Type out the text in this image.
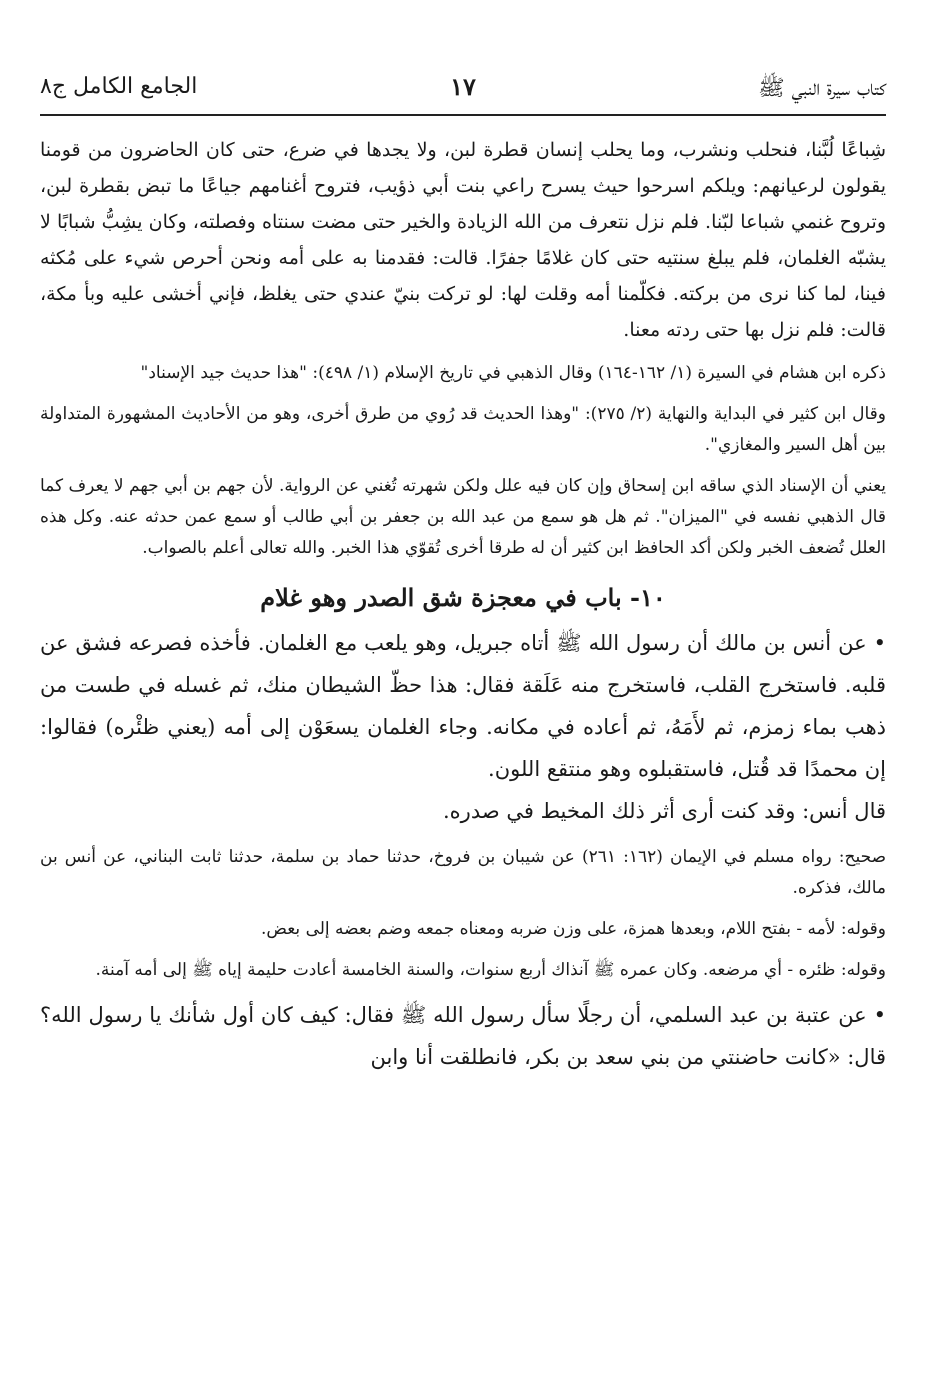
كتاب سيرة النبي ﷺ
١٧
الجامع الكامل ج٨

شِباعًا لُبَّنا، فنحلب ونشرب، وما يحلب إنسان قطرة لبن، ولا يجدها في ضرع، حتى كان الحاضرون من قومنا يقولون لرعيانهم: ويلكم اسرحوا حيث يسرح راعي بنت أبي ذؤيب، فتروح أغنامهم جياعًا ما تبض بقطرة لبن، وتروح غنمي شباعا لبّنا. فلم نزل نتعرف من الله الزيادة والخير حتى مضت سنتاه وفصلته، وكان يشِبُّ شبابًا لا يشبّه الغلمان، فلم يبلغ سنتيه حتى كان غلامًا جفرًا. قالت: فقدمنا به على أمه ونحن أحرص شيء على مُكثه فينا، لما كنا نرى من بركته. فكلّمنا أمه وقلت لها: لو تركت بنيّ عندي حتى يغلظ، فإني أخشى عليه وبأ مكة، قالت: فلم نزل بها حتى ردته معنا.

ذكره ابن هشام في السيرة (١/ ١٦٢-١٦٤) وقال الذهبي في تاريخ الإسلام (١/ ٤٩٨): "هذا حديث جيد الإسناد"

وقال ابن كثير في البداية والنهاية (٢/ ٢٧٥): "وهذا الحديث قد رُوي من طرق أخرى، وهو من الأحاديث المشهورة المتداولة بين أهل السير والمغازي".

يعني أن الإسناد الذي ساقه ابن إسحاق وإن كان فيه علل ولكن شهرته تُغني عن الرواية. لأن جهم بن أبي جهم لا يعرف كما قال الذهبي نفسه في "الميزان". ثم هل هو سمع من عبد الله بن جعفر بن أبي طالب أو سمع عمن حدثه عنه. وكل هذه العلل تُضعف الخبر ولكن أكد الحافظ ابن كثير أن له طرقا أخرى تُقوّي هذا الخبر. والله تعالى أعلم بالصواب.

١٠- باب في معجزة شق الصدر وهو غلام

• عن أنس بن مالك أن رسول الله ﷺ أتاه جبريل، وهو يلعب مع الغلمان. فأخذه فصرعه فشق عن قلبه. فاستخرج القلب، فاستخرج منه عَلَقة فقال: هذا حظّ الشيطان منك، ثم غسله في طست من ذهب بماء زمزم، ثم لأَمَهُ، ثم أعاده في مكانه. وجاء الغلمان يسعَوْن إلى أمه (يعني ظئْره) فقالوا: إن محمدًا قد قُتل، فاستقبلوه وهو منتقع اللون.

قال أنس: وقد كنت أرى أثر ذلك المخيط في صدره.

صحيح: رواه مسلم في الإيمان (١٦٢: ٢٦١) عن شيبان بن فروخ، حدثنا حماد بن سلمة، حدثنا ثابت البناني، عن أنس بن مالك، فذكره.

وقوله: لأمه - بفتح اللام، وبعدها همزة، على وزن ضربه ومعناه جمعه وضم بعضه إلى بعض.

وقوله: ظئره - أي مرضعه. وكان عمره ﷺ آنذاك أربع سنوات، والسنة الخامسة أعادت حليمة إياه ﷺ إلى أمه آمنة.

• عن عتبة بن عبد السلمي، أن رجلًا سأل رسول الله ﷺ فقال: كيف كان أول شأنك يا رسول الله؟ قال: «كانت حاضنتي من بني سعد بن بكر، فانطلقت أنا وابن
